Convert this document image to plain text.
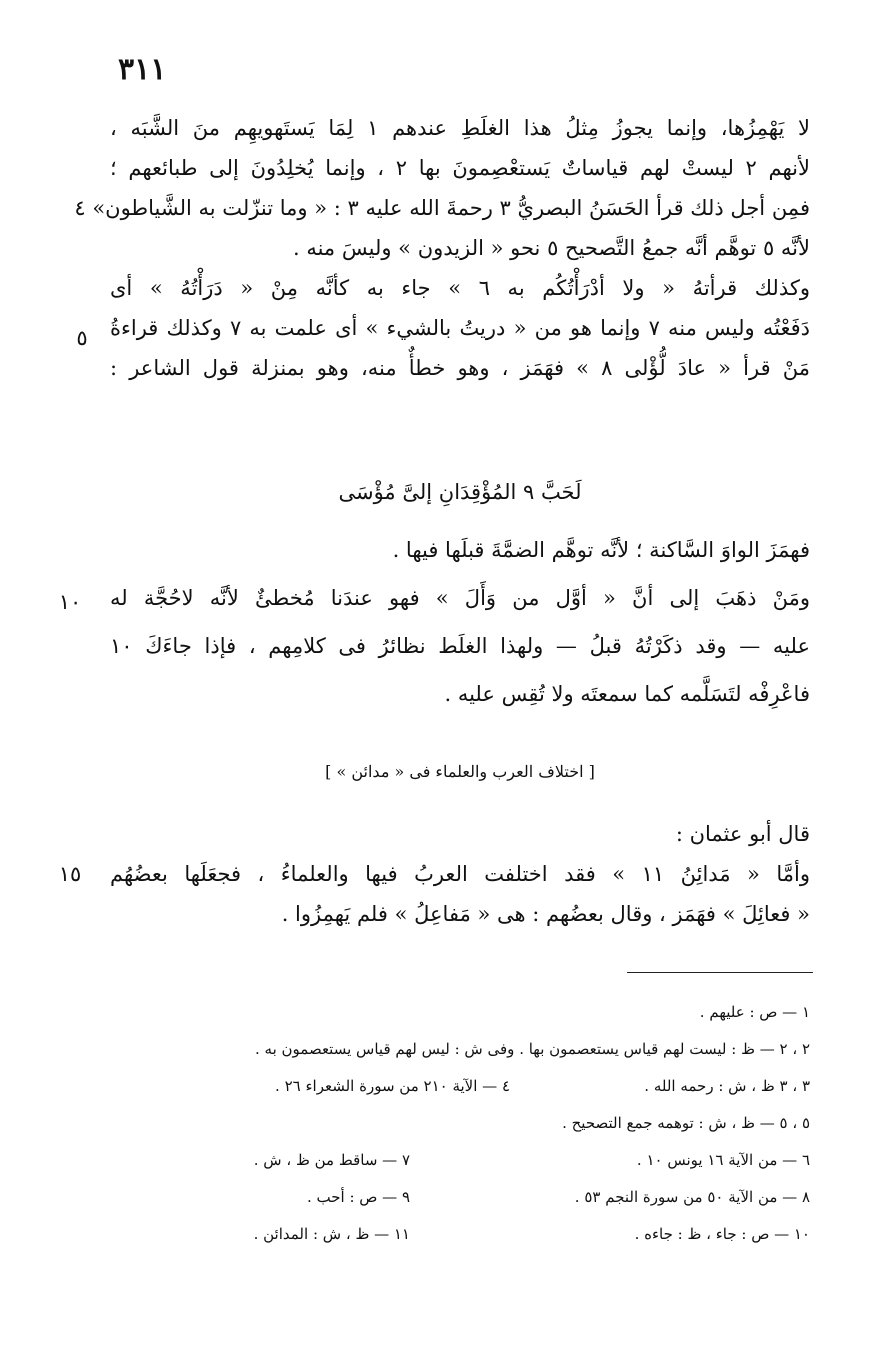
٣١١
لا يَهْمِزُها، وإنما يجوزُ مِثلُ هذا الغلَطِ عندهم ١ لِمَا يَستَهويهِم منَ الشَّبَه ،
لأنهم ٢ ليستْ لهم قياساتٌ يَستعْصِمونَ بها ٢ ، وإنما يُخلِدُونَ إلى طبائعهم ؛
فمِن أجل ذلك قرأ الحَسَنُ البصريُّ ٣ رحمةَ الله عليه ٣ : « وما تنزّلت به الشَّياطون» ٤
لأنَّه ٥ توهَّم أنَّه جمعُ التَّصحيح ٥ نحو « الزيدون » وليسَ منه .
وكذلك قرأتهُ « ولا أدْرَأْتُكُم به ٦ » جاء به كأنَّه مِنْ « دَرَأْتُهُ » أى
دَفَعْتُه وليس منه ٧ وإنما هو من « دريتُ بالشيء » أى علمت به ٧ وكذلك قراءةُ
مَنْ قرأ « عادَ لُّؤْلى ٨ » فهَمَز ، وهو خطأٌ منه، وهو بمنزلة قول الشاعر :
لَحَبَّ ٩ المُؤْقِدَانِ إلىَّ مُؤْسَى
فهمَزَ الواوَ السَّاكنة ؛ لأنَّه توهَّم الضمَّةَ قبلَها فيها .
ومَنْ ذهَبَ إلى أنَّ « أوَّل من وَأَلَ » فهو عندَنا مُخطئٌ لأنَّه لاحُجَّة له
عليه — وقد ذكَرْتُهُ قبلُ — ولهذا الغلَط نظائرُ فى كلامِهم ، فإذا جاءَكَ ١٠
فاعْرِفْه لتَسَلَّمه كما سمعتَه ولا تُقِس عليه .
[ اختلاف العرب والعلماء فى « مدائن » ]
قال أبو عثمان :
وأمَّا « مَدائِنُ ١١ » فقد اختلفت العربُ فيها والعلماءُ ، فجعَلَها بعضُهُم
« فعائِلَ » فهَمَز ، وقال بعضُهم : هى « مَفاعِلُ » فلم يَهمِزُوا .
٥
١٠
١٥
١ — ص : عليهم .
٢ ، ٢ — ظ : ليست لهم قياس يستعصمون بها . وفى ش : ليس لهم قياس يستعصمون به .
٣ ، ٣ ظ ، ش : رحمه الله .
٤ — الآية ٢١٠ من سورة الشعراء ٢٦ .
٥ ، ٥ — ظ ، ش : توهمه جمع التصحيح .
٦ — من الآية ١٦ يونس ١٠ .
٧ — ساقط من ظ ، ش .
٨ — من الآية ٥٠ من سورة النجم ٥٣ .
٩ — ص : أحب .
١٠ — ص : جاء ، ظ : جاءه .
١١ — ظ ، ش : المدائن .
